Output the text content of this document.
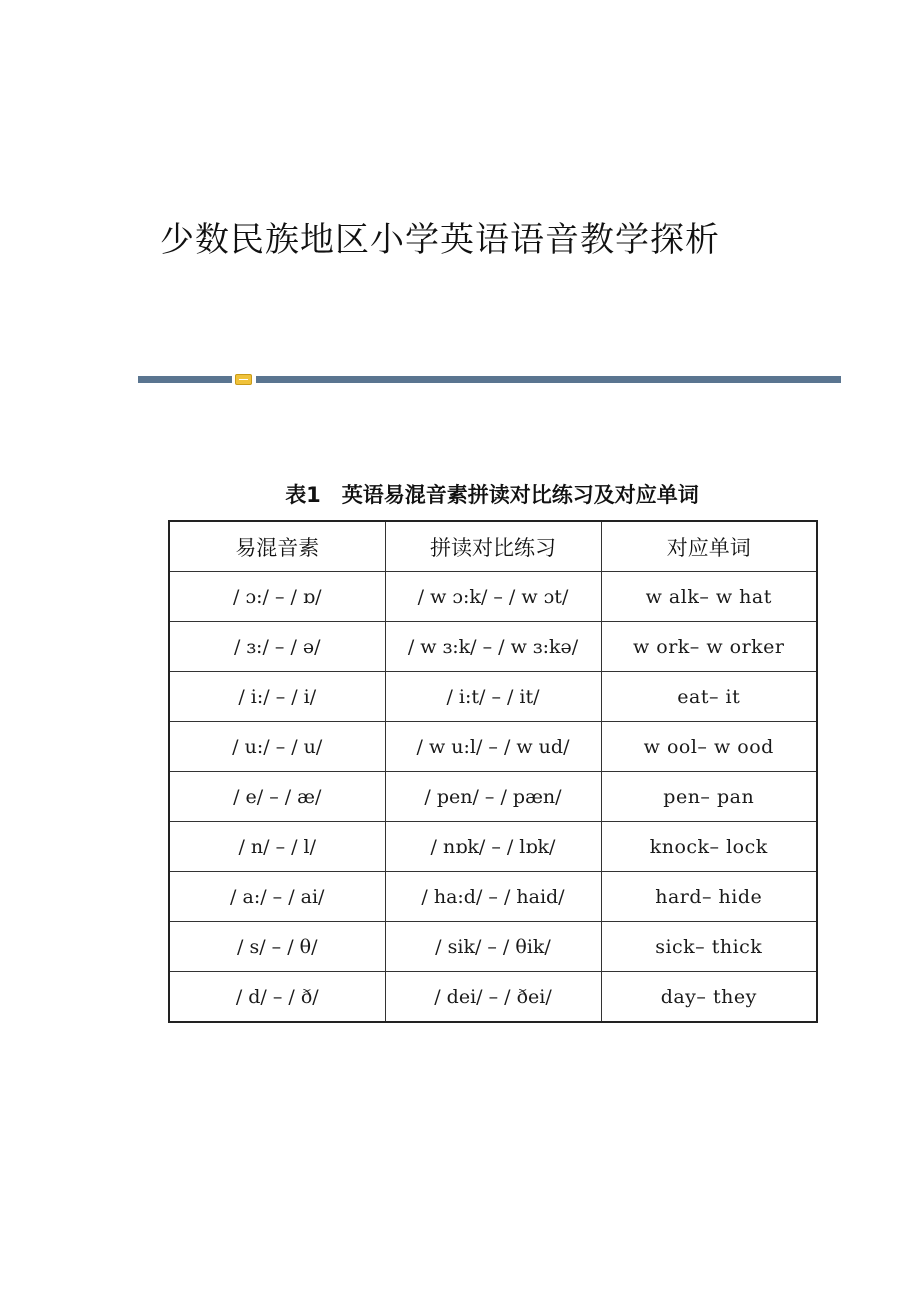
少数民族地区小学英语语音教学探析
表1　英语易混音素拼读对比练习及对应单词
易混音素	拼读对比练习	对应单词
/ ɔ:/ – / ɒ/	/ w ɔ:k/ – / w ɔt/	w alk– w hat
/ ɜ:/ – / ə/	/ w ɜ:k/ – / w ɜ:kə/	w ork– w orker
/ i:/ – / i/	/ i:t/ – / it/	eat– it
/ u:/ – / u/	/ w u:l/ – / w ud/	w ool– w ood
/ e/ – / æ/	/ pen/ – / pæn/	pen– pan
/ n/ – / l/	/ nɒk/ – / lɒk/	knock– lock
/ a:/ – / ai/	/ ha:d/ – / haid/	hard– hide
/ s/ – / θ/	/ sik/ – / θik/	sick– thick
/ d/ – / ð/	/ dei/ – / ðei/	day– they
